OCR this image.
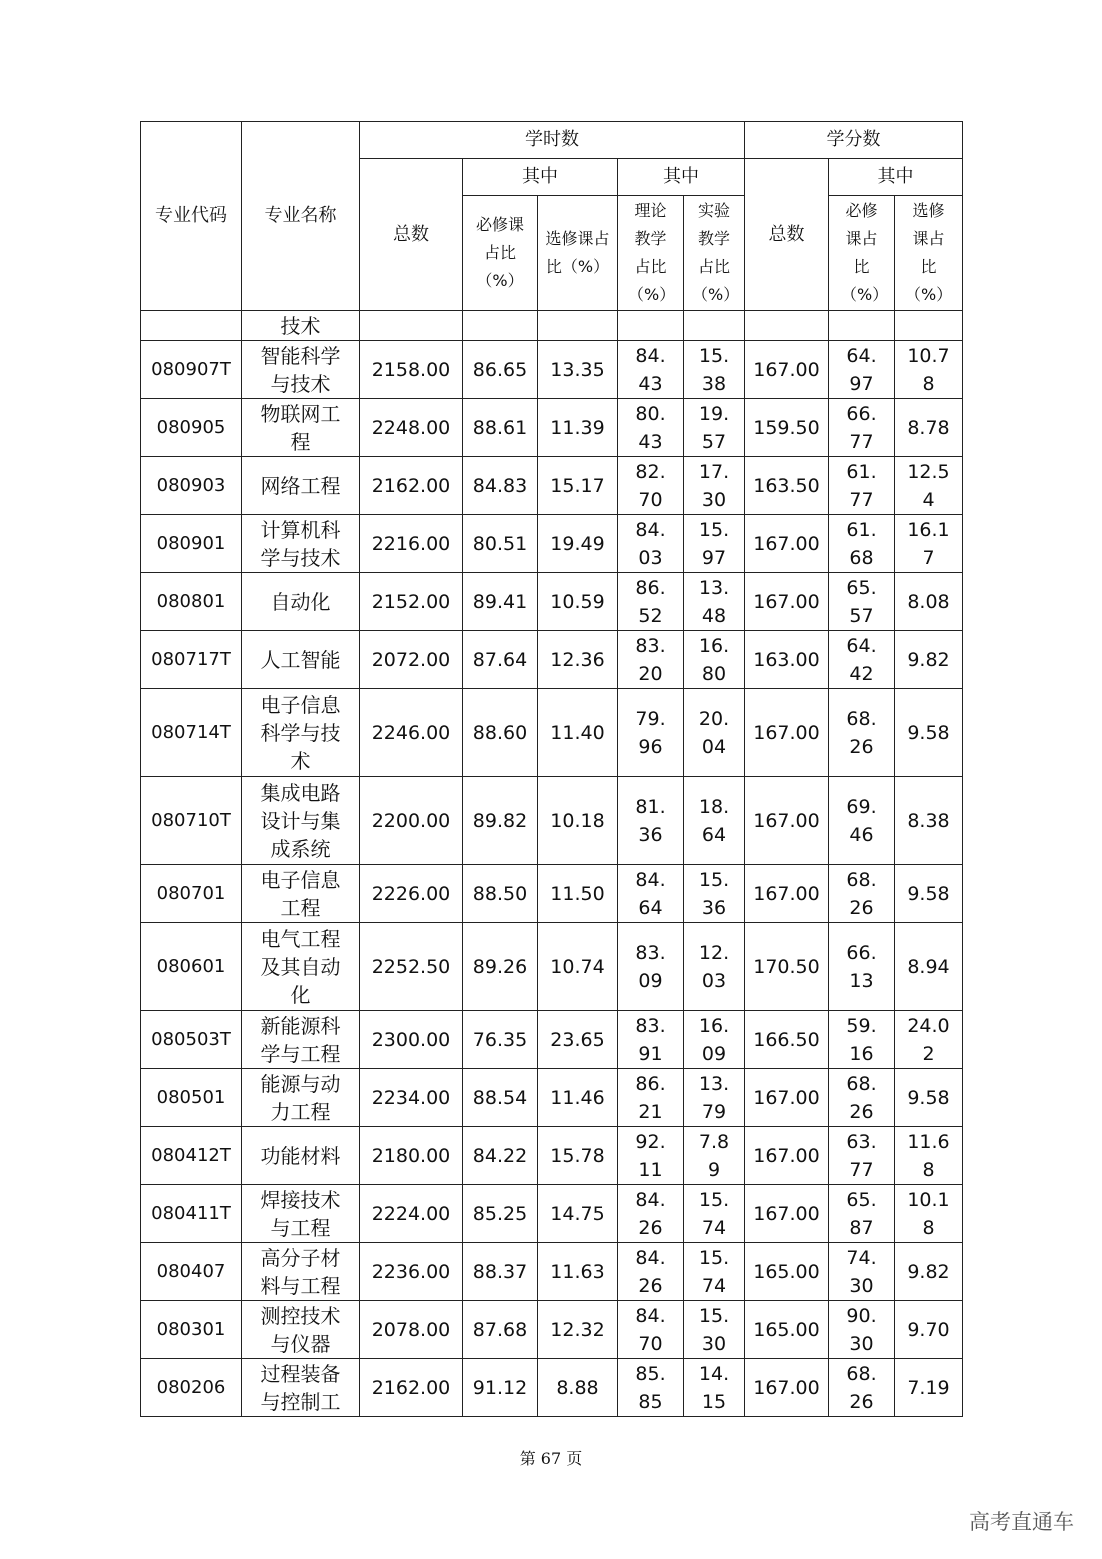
专业代码	专业名称	学时数					学分数		
		总数	其中		其中		总数	其中	
			必修课占比（%）	选修课占比（%）	理论教学占比（%）	实验教学占比（%）		必修课占比（%）	选修课占比（%）

	技术								
080907T	智能科学与技术	2158.00	86.65	13.35	84.43	15.38	167.00	64.97	10.78
080905	物联网工程	2248.00	88.61	11.39	80.43	19.57	159.50	66.77	8.78
080903	网络工程	2162.00	84.83	15.17	82.70	17.30	163.50	61.77	12.54
080901	计算机科学与技术	2216.00	80.51	19.49	84.03	15.97	167.00	61.68	16.17
080801	自动化	2152.00	89.41	10.59	86.52	13.48	167.00	65.57	8.08
080717T	人工智能	2072.00	87.64	12.36	83.20	16.80	163.00	64.42	9.82
080714T	电子信息科学与技术	2246.00	88.60	11.40	79.96	20.04	167.00	68.26	9.58
080710T	集成电路设计与集成系统	2200.00	89.82	10.18	81.36	18.64	167.00	69.46	8.38
080701	电子信息工程	2226.00	88.50	11.50	84.64	15.36	167.00	68.26	9.58
080601	电气工程及其自动化	2252.50	89.26	10.74	83.09	12.03	170.50	66.13	8.94
080503T	新能源科学与工程	2300.00	76.35	23.65	83.91	16.09	166.50	59.16	24.02
080501	能源与动力工程	2234.00	88.54	11.46	86.21	13.79	167.00	68.26	9.58
080412T	功能材料	2180.00	84.22	15.78	92.11	7.89	167.00	63.77	11.68
080411T	焊接技术与工程	2224.00	85.25	14.75	84.26	15.74	167.00	65.87	10.18
080407	高分子材料与工程	2236.00	88.37	11.63	84.26	15.74	165.00	74.30	9.82
080301	测控技术与仪器	2078.00	87.68	12.32	84.70	15.30	165.00	90.30	9.70
080206	过程装备与控制工	2162.00	91.12	8.88	85.85	14.15	167.00	68.26	7.19
第 67 页
高考直通车
